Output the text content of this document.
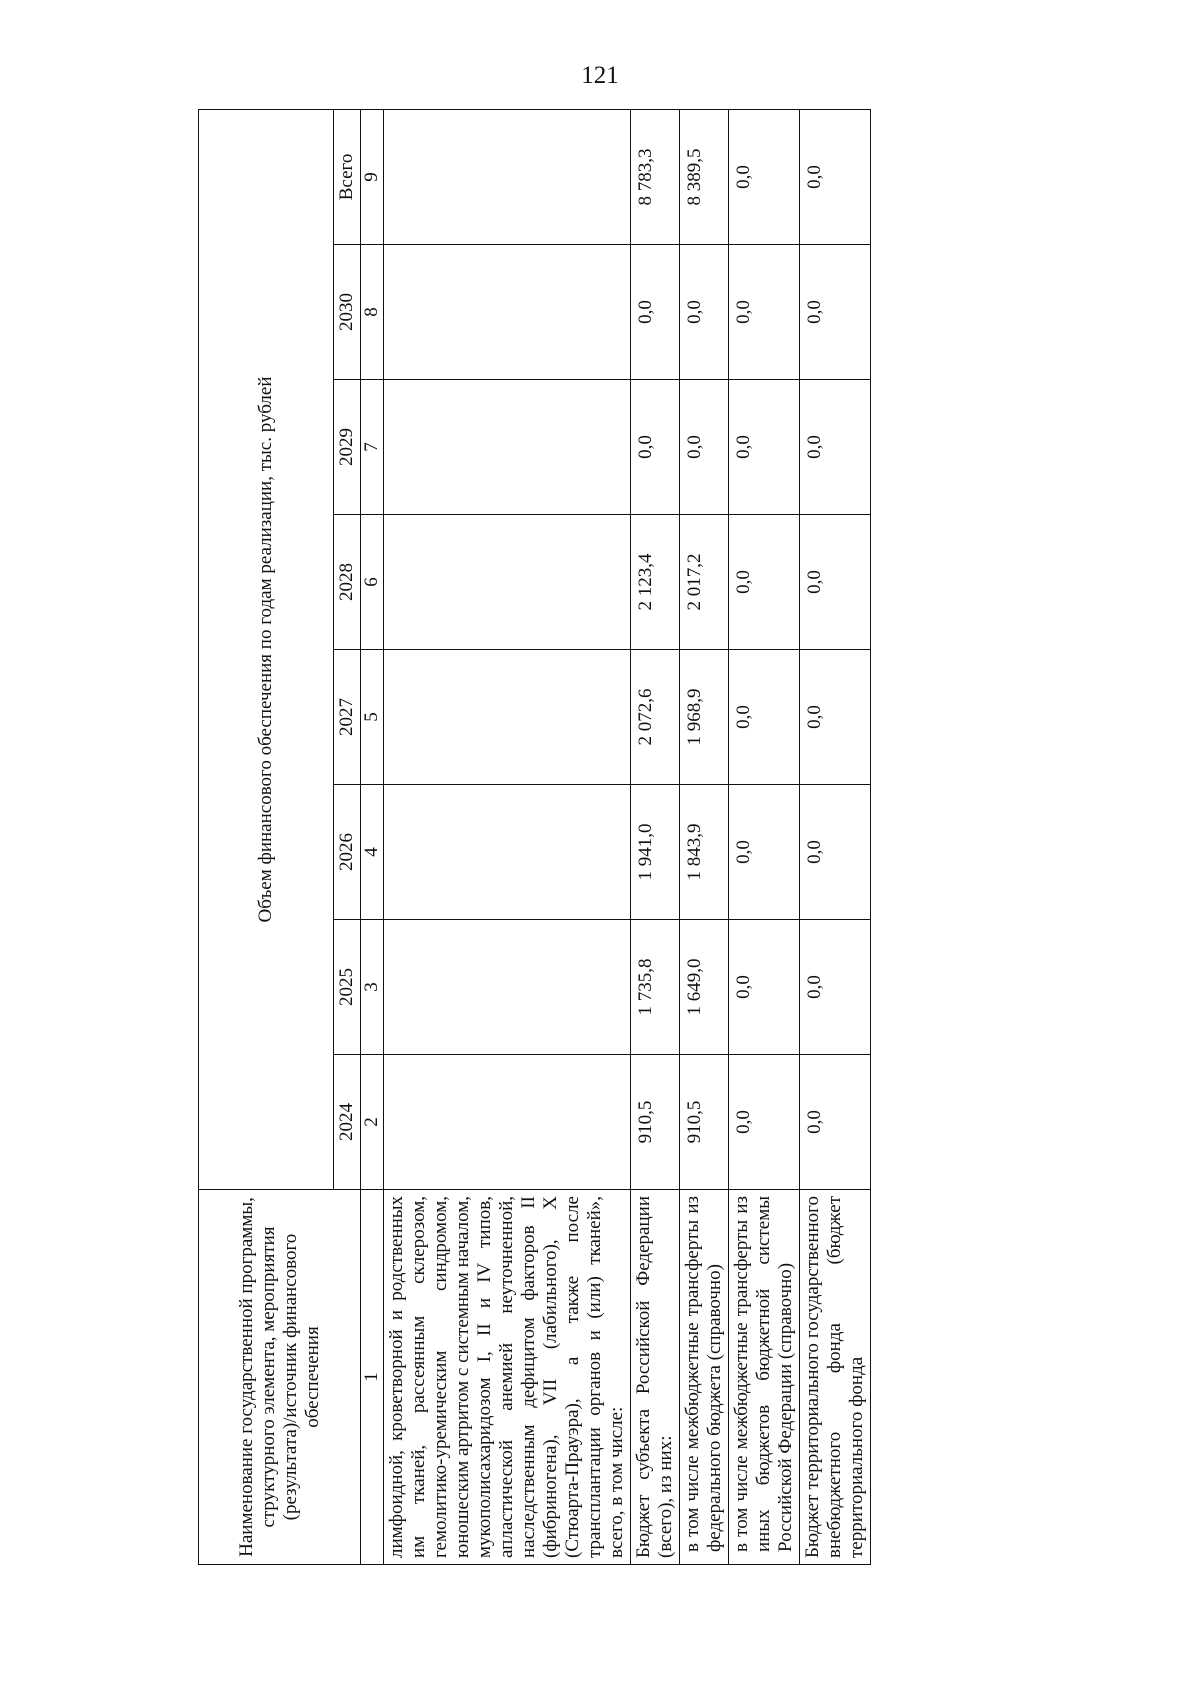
121
Наименование государственной программы, структурного элемента, мероприятия (результата)/источник финансового обеспечения	Объем финансового обеспечения по годам реализации, тыс. рублей							
	2024	2025	2026	2027	2028	2029	2030	Всего
1	2	3	4	5	6	7	8	9
лимфоидной, кроветворной и родственных им тканей, рассеянным склерозом, гемолитико-уремическим синдромом, юношеским артритом с системным началом, мукополисахаридозом I, II и IV типов, апластической анемией неуточненной, наследственным дефицитом факторов II (фибриногена), VII (лабильного), X (Стюарта-Прауэра), а также после трансплантации органов и (или) тканей», всего, в том числе:								
Бюджет субъекта Российской Федерации (всего), из них:	910,5	1 735,8	1 941,0	2 072,6	2 123,4	0,0	0,0	8 783,3
в том числе межбюджетные трансферты из федерального бюджета (справочно)	910,5	1 649,0	1 843,9	1 968,9	2 017,2	0,0	0,0	8 389,5
в том числе межбюджетные трансферты из иных бюджетов бюджетной системы Российской Федерации (справочно)	0,0	0,0	0,0	0,0	0,0	0,0	0,0	0,0
Бюджет территориального государственного внебюджетного фонда (бюджет территориального фонда	0,0	0,0	0,0	0,0	0,0	0,0	0,0	0,0
